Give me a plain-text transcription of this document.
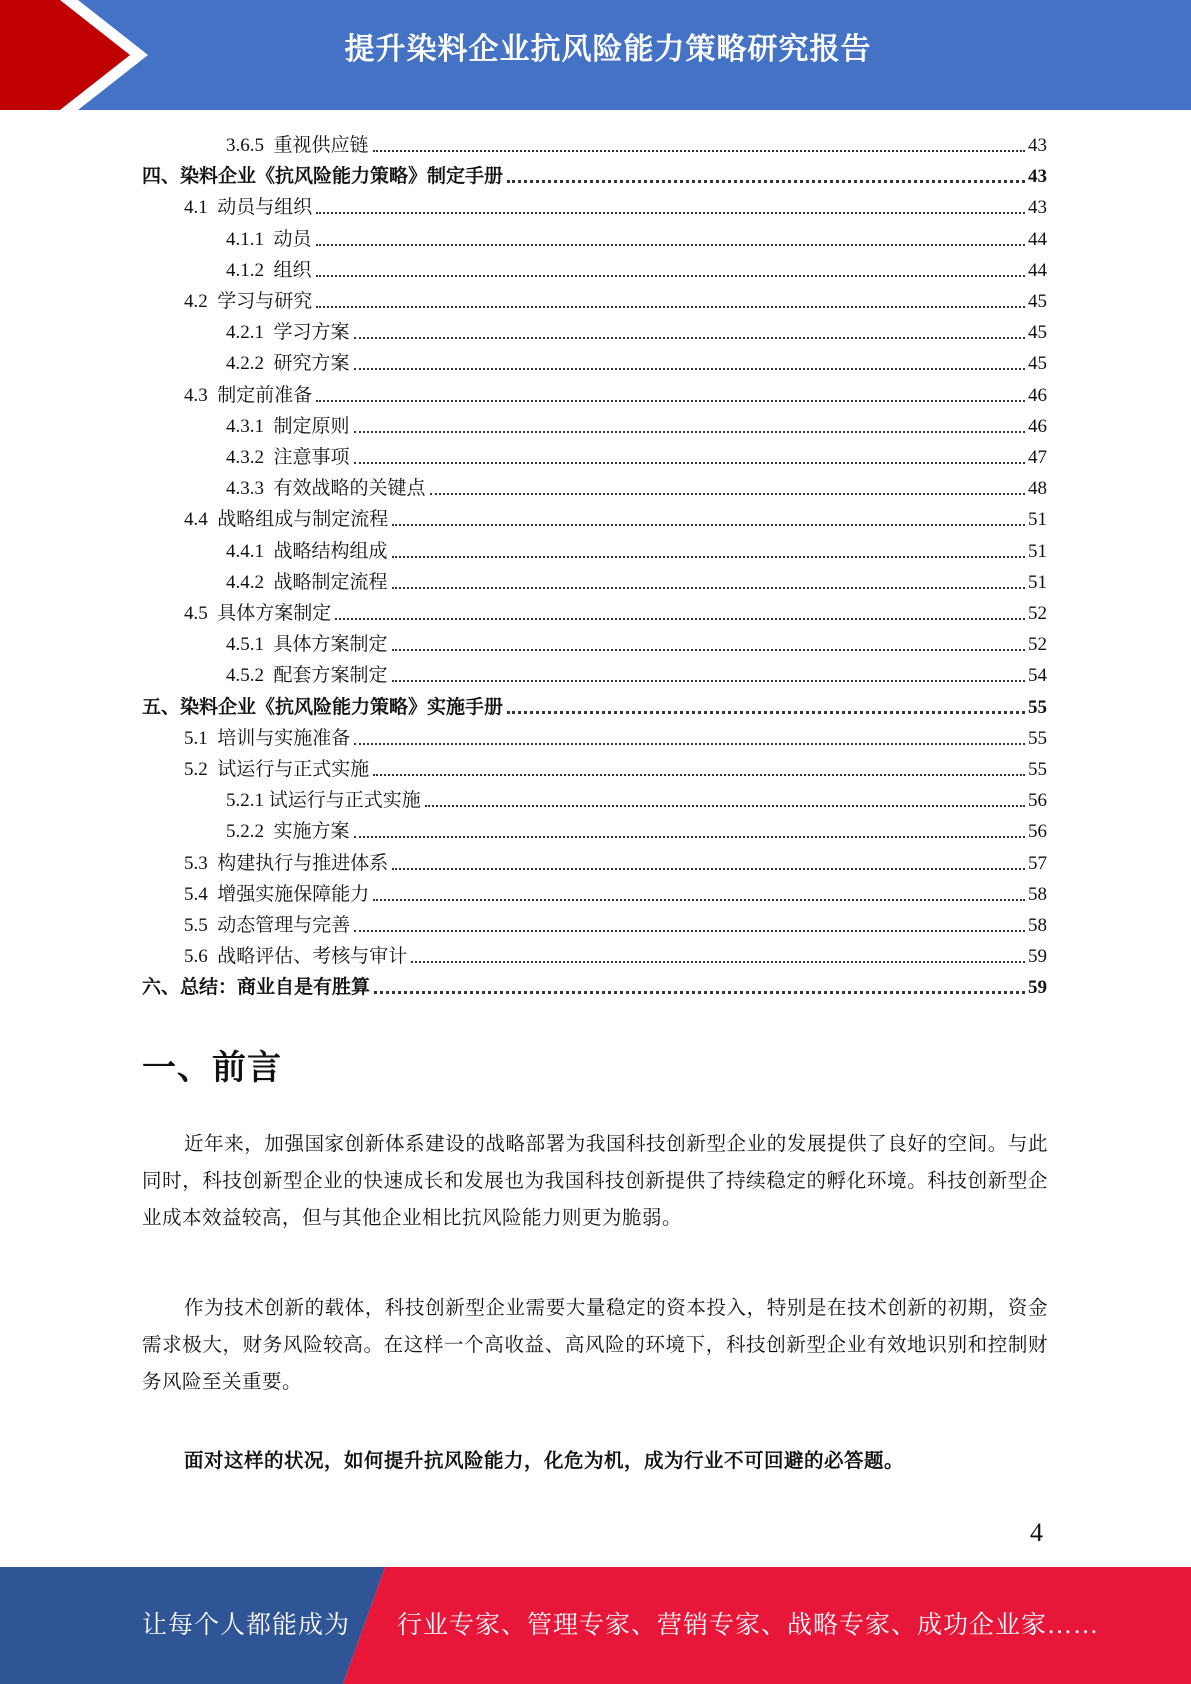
提升染料企业抗风险能力策略研究报告
3.6.5 重视供应链	43
四、染料企业《抗风险能力策略》制定手册	43
4.1 动员与组织	43
4.1.1 动员	44
4.1.2 组织	44
4.2 学习与研究	45
4.2.1 学习方案	45
4.2.2 研究方案	45
4.3 制定前准备	46
4.3.1 制定原则	46
4.3.2 注意事项	47
4.3.3 有效战略的关键点	48
4.4 战略组成与制定流程	51
4.4.1 战略结构组成	51
4.4.2 战略制定流程	51
4.5 具体方案制定	52
4.5.1 具体方案制定	52
4.5.2 配套方案制定	54
五、染料企业《抗风险能力策略》实施手册	55
5.1 培训与实施准备	55
5.2 试运行与正式实施	55
5.2.1 试运行与正式实施	56
5.2.2 实施方案	56
5.3 构建执行与推进体系	57
5.4 增强实施保障能力	58
5.5 动态管理与完善	58
5.6 战略评估、考核与审计	59
六、总结：商业自是有胜算	59
一、前言

近年来，加强国家创新体系建设的战略部署为我国科技创新型企业的发展提供了良好的空间。与此同时，科技创新型企业的快速成长和发展也为我国科技创新提供了持续稳定的孵化环境。科技创新型企业成本效益较高，但与其他企业相比抗风险能力则更为脆弱。

作为技术创新的载体，科技创新型企业需要大量稳定的资本投入，特别是在技术创新的初期，资金需求极大，财务风险较高。在这样一个高收益、高风险的环境下，科技创新型企业有效地识别和控制财务风险至关重要。

面对这样的状况，如何提升抗风险能力，化危为机，成为行业不可回避的必答题。

4
让每个人都能成为 行业专家、管理专家、营销专家、战略专家、成功企业家……
